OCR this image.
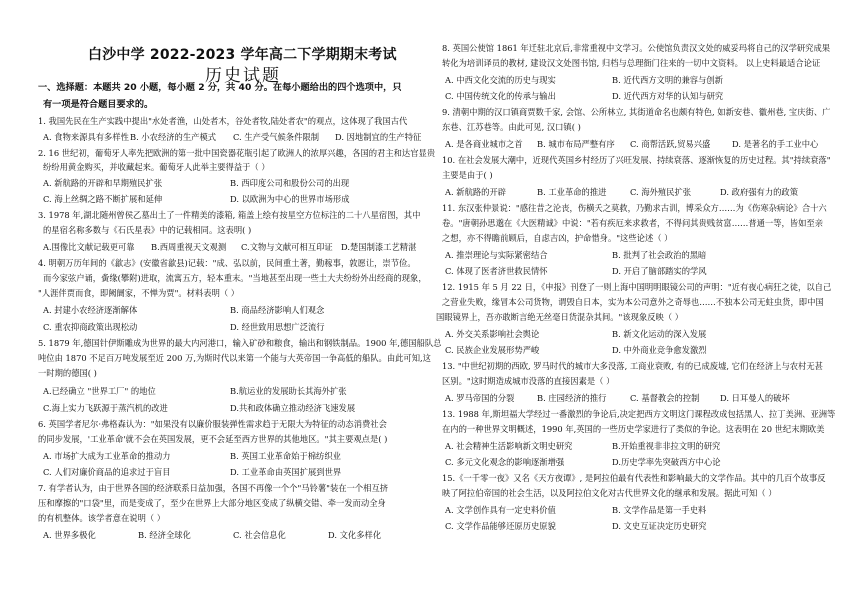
白沙中学 2022-2023 学年高二下学期期末考试
历史试题
一、选择题：本题共 20 小题，每小题 2 分，共 40 分。在每小题给出的四个选项中，只
有一项是符合题目要求的。
1. 我国先民在生产实践中提出"水处者渔，山处者木，谷处者牧,陆处者农"的观点，这体现了我国古代
A. 食物来源具有多样性 B. 小农经济的生产模式 C. 生产受气候条件限制 D. 因地制宜的生产特征
2. 16 世纪初，葡萄牙人率先把欧洲的第一批中国瓷器花瓶引起了欧洲人的浓厚兴趣，各国的君主和达官显贵
纷纷用黄金购买，并收藏起来。葡萄牙人此举主要得益于（ ）
A. 新航路的开辟和早期殖民扩张	B. 西印度公司和股份公司的出现
C. 海上丝绸之路不断扩展和延伸	D. 以欧洲为中心的世界市场形成
3. 1978 年,湖北随州曾侯乙墓出土了一件精美的漆箱, 箱盖上绘有按星空方位标注的二十八星宿图，其中
的星宿名称多数与《石氏星表》中的记载相同。这表明( )
A.围像比文献记载更可靠 B.西周重视天文观测 C.文物与文献可相互印证 D.楚国制漆工艺精湛
4. 明朝万历年间的《歙志》(安徽省歙县)记载："成、弘以前，民间重土著，勤稼事，敦愿让，崇节俭。
而今家弦户诵，夤缘(攀附)进取，流寓五方，轻本重末。"当地甚至出现一些土大夫纷纷外出经商的现象，
"人涯伴贾而食，即阙阛家，不惮为贾"。材料表明（ ）
A. 封建小农经济逐渐解体	B. 商品经济影响人们观念
C. 重农抑商政策出现松动	D. 经世致用思想广泛流行
5. 1879 年,德国针伊斯雕成为世界的最大内河港口，输入矿砂和粮食，输出和钢铁制品。1900 年,德国船队总
吨位由 1870 不足百万吨发展至近 200 万,为斯时代以来第一个能与大英帝国一争高低的船队。由此可知,这
一时期的德国( )
A.已经确立 "世界工厂" 的地位	B.航运业的发展助长其海外扩张
C.海上实力飞跃源于蒸汽机的改进	D.共和政体确立推动经济飞速发展
6. 英国学者尼尔·弗格森认为："如果没有以廉价服装弹性需求趋于无限大为特征的动态消费社会
的同步发展，'工业革命'就不会在英国发展，更不会延至西方世界的其他地区。"其主要观点是( )
A. 市场扩大成为工业革命的推动力	B. 英国工业革命始于棉纺织业
C. 人们对廉价商品的追求过于盲目	D. 工业革命由英国扩展到世界
7. 有学者认为，由于世界各国的经济联系日益加强，各国不再像一个个"马铃薯"装在一个相互挤
压和摩擦的"口袋"里，而是变成了，至少在世界上大部分地区变成了纵横交错、牵一发而动全身
的有机整体。该学者意在说明（ ）
A. 世界多极化	B. 经济全球化	C. 社会信息化	D. 文化多样化
8. 英国公使馆 1861 年迁驻北京后,非常重视中文学习。公使馆负责汉文处的威妥玛将自己的汉学研究成果
转化为培训译员的教材, 建设汉文处图书馆, 归档与总理衙门往来的一切中文资料。 以上史料最适合论证
A. 中西文化交流的历史与现实	B. 近代西方文明的兼容与创新
C. 中国传统文化的传承与输出	D. 近代西方对华的认知与研究
9. 清朝中期的汉口镇商贾数千家, 会馆、公所林立, 其街道命名也颇有特色, 如新安巷、徽州巷, 宝庆街、广
东巷、江苏巷等。由此可见, 汉口镇( )
A. 是各商业城市之首 B. 城市布局严整有序 C. 商帮活跃,贸易兴盛	D. 是著名的手工业中心
10. 在社会发展大潮中，近现代英国乡村经历了兴旺发展、持续衰落、逐渐恢复的历史过程。其"持续衰落"
主要是由于( )
A. 新航路的开辟	B. 工业革命的推进	C. 海外殖民扩张	D. 政府强有力的政策
11. 东汉张仲景说："感往昔之沦丧，伤横夭之莫救，乃勤求古训，博采众方……为《伤寒杂病论》合十六
卷。"唐朝孙思邈在《大医精诚》中说："若有疾厄来求救者，不得问其贵贱贫富……普通一等，皆如至亲
之想，亦不得瞻前顾后，自虑吉凶，护命惜身。"这些论述（ ）
A. 推崇理论与实际紧密结合	B. 批判了社会政治的黑暗
C. 体现了医者济世救民情怀	D. 开启了脑部踏实的学风
12. 1915 年 5 月 22 日，《申报》刊登了一则上海中国明明眼镜公司的声明："近有夜心病狂之徒，以自己
之营业失败，缘冒本公司货物，谓毁自日本，实为本公司意外之奇辱也……不独本公司无蛀虫货，即中国
国眼镜界上，吾亦敢断言绝无丝毫日货混杂其间。"该现象反映（ ）
A. 外交关系影响社会舆论	B. 新文化运动的深入发展
C. 民族企业发展形势严峻	D. 中外商业竞争愈发激烈
13. "中世纪初期的西欧, 罗马时代的城市大多没落, 工商业衰败, 有的已成废墟, 它们在经济上与农村无甚
区别。"这时期造成城市没落的直接因素是（ ）
A. 罗马帝国的分裂	B. 庄园经济的推行	C. 基督教会的控制 D. 日耳曼人的破坏
13. 1988 年,斯坦福大学经过一番激烈的争论后,决定把西方文明这门课程改成包括黑人、拉丁美洲、亚洲等
在内的一种世界文明概述，1990 年,英国的一些历史学家进行了类似的争论。这表明在 20 世纪末期欧美
A. 社会精神生活影响新文明史研究	B.开始重视非非拉文明的研究
C. 多元文化观念的影响逐渐增强	D.历史学率先突破西方中心论
15.《一千零一夜》又名《天方夜谭》, 是阿拉伯最有代表性和影响最大的文学作品。其中的几百个故事反
映了阿拉伯帝国的社会生活，以及阿拉伯文化对古代世界文化的继承和发展。据此可知（ ）
A. 文学创作具有一定史料价值	B. 文学作品是第一手史料
C. 文学作品能够还原历史原貌	D. 文史互证决定历史研究
